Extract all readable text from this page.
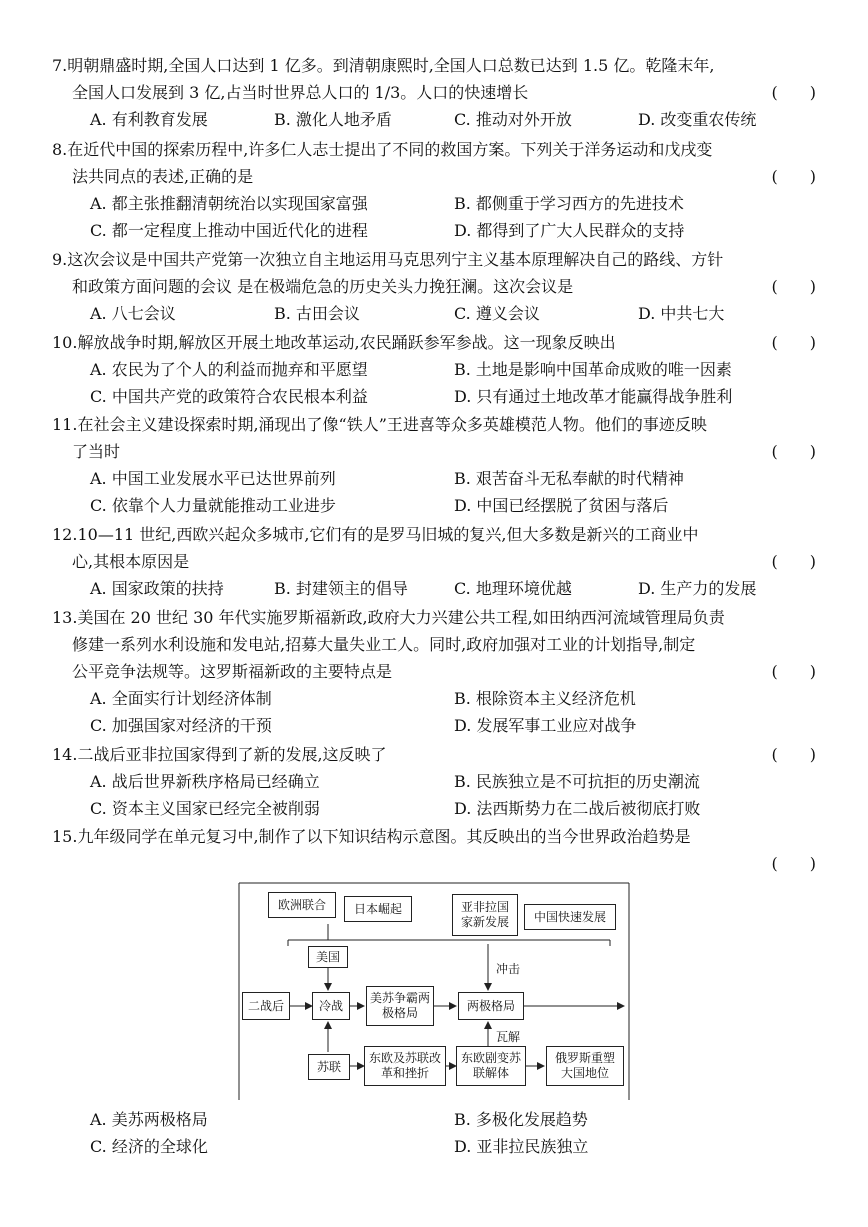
7.明朝鼎盛时期,全国人口达到 1 亿多。到清朝康熙时,全国人口总数已达到 1.5 亿。乾隆末年,
全国人口发展到 3 亿,占当时世界总人口的 1/3。人口的快速增长	(　　)
A. 有利教育发展	B. 激化人地矛盾	C. 推动对外开放	D. 改变重农传统
8.在近代中国的探索历程中,许多仁人志士提出了不同的救国方案。下列关于洋务运动和戊戌变
法共同点的表述,正确的是	(　　)
A. 都主张推翻清朝统治以实现国家富强	B. 都侧重于学习西方的先进技术
C. 都一定程度上推动中国近代化的进程	D. 都得到了广大人民群众的支持
9.这次会议是中国共产党第一次独立自主地运用马克思列宁主义基本原理解决自己的路线、方针
和政策方面问题的会议 是在极端危急的历史关头力挽狂澜。这次会议是	(　　)
A. 八七会议	B. 古田会议	C. 遵义会议	D. 中共七大
10.解放战争时期,解放区开展土地改革运动,农民踊跃参军参战。这一现象反映出	(　　)
A. 农民为了个人的利益而抛弃和平愿望	B. 土地是影响中国革命成败的唯一因素
C. 中国共产党的政策符合农民根本利益	D. 只有通过土地改革才能赢得战争胜利
11.在社会主义建设探索时期,涌现出了像“铁人”王进喜等众多英雄模范人物。他们的事迹反映
了当时	(　　)
A. 中国工业发展水平已达世界前列	B. 艰苦奋斗无私奉献的时代精神
C. 依靠个人力量就能推动工业进步	D. 中国已经摆脱了贫困与落后
12.10—11 世纪,西欧兴起众多城市,它们有的是罗马旧城的复兴,但大多数是新兴的工商业中
心,其根本原因是	(　　)
A. 国家政策的扶持	B. 封建领主的倡导	C. 地理环境优越	D. 生产力的发展
13.美国在 20 世纪 30 年代实施罗斯福新政,政府大力兴建公共工程,如田纳西河流域管理局负责
修建一系列水利设施和发电站,招募大量失业工人。同时,政府加强对工业的计划指导,制定
公平竞争法规等。这罗斯福新政的主要特点是	(　　)
A. 全面实行计划经济体制	B. 根除资本主义经济危机
C. 加强国家对经济的干预	D. 发展军事工业应对战争
14.二战后亚非拉国家得到了新的发展,这反映了	(　　)
A. 战后世界新秩序格局已经确立	B. 民族独立是不可抗拒的历史潮流
C. 资本主义国家已经完全被削弱	D. 法西斯势力在二战后被彻底打败
15.九年级同学在单元复习中,制作了以下知识结构示意图。其反映出的当今世界政治趋势是
(　　)
欧洲联合	日本崛起	亚非拉国家新发展	中国快速发展
美国
冲击
二战后	冷战
美苏争霸两极格局
两极格局
瓦解
苏联
东欧及苏联改革和挫折
东欧剧变苏联解体
俄罗斯重塑大国地位
A. 美苏两极格局	B. 多极化发展趋势
C. 经济的全球化	D. 亚非拉民族独立
